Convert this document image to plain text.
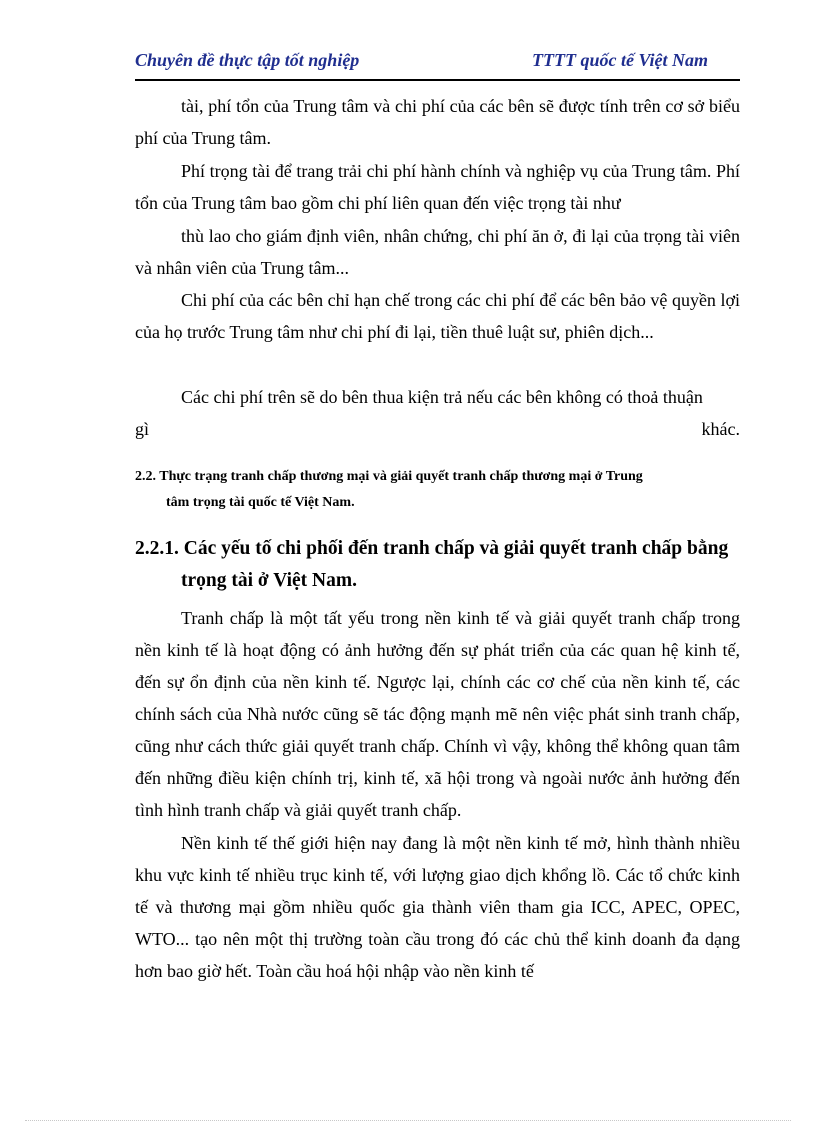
Chuyên đề thực tập tốt nghiệp	TTTT quốc tế Việt Nam

tài, phí tổn của Trung tâm và chi phí của các bên sẽ được tính trên cơ sở biểu phí của Trung tâm.

Phí trọng tài để trang trải chi phí hành chính và nghiệp vụ của Trung tâm. Phí tổn của Trung tâm bao gồm chi phí liên quan đến việc trọng tài như

thù lao cho giám định viên, nhân chứng, chi phí ăn ở, đi lại của trọng tài viên và nhân viên của Trung tâm...

Chi phí của các bên chỉ hạn chế trong các chi phí để các bên bảo vệ quyền lợi của họ trước Trung tâm như chi phí đi lại, tiền thuê luật sư, phiên dịch...

Các chi phí trên sẽ do bên thua kiện trả nếu các bên không có thoả thuận

gì	khác.
2.2. Thực trạng tranh chấp thương mại và giải quyết tranh chấp thương mại ở Trung
tâm trọng tài quốc tế Việt Nam.
2.2.1. Các yếu tố chi phối đến tranh chấp và giải quyết tranh chấp bằng
trọng tài ở Việt Nam.

Tranh chấp là một tất yếu trong nền kinh tế và giải quyết tranh chấp trong nền kinh tế là hoạt động có ảnh hưởng đến sự phát triển của các quan hệ kinh tế, đến sự ổn định của nền kinh tế. Ngược lại, chính các cơ chế của nền kinh tế, các chính sách của Nhà nước cũng sẽ tác động mạnh mẽ nên việc phát sinh tranh chấp, cũng như cách thức giải quyết tranh chấp. Chính vì vậy, không thể không quan tâm đến những điều kiện chính trị, kinh tế, xã hội trong và ngoài nước ảnh hưởng đến tình hình tranh chấp và giải quyết tranh chấp.

Nền kinh tế thế giới hiện nay đang là một nền kinh tế mở, hình thành nhiều khu vực kinh tế nhiều trục kinh tế, với lượng giao dịch khổng lồ. Các tổ chức kinh tế và thương mại gồm nhiều quốc gia thành viên tham gia ICC, APEC, OPEC, WTO... tạo nên một thị trường toàn cầu trong đó các chủ thể kinh doanh đa dạng hơn bao giờ hết. Toàn cầu hoá hội nhập vào nền kinh tế
